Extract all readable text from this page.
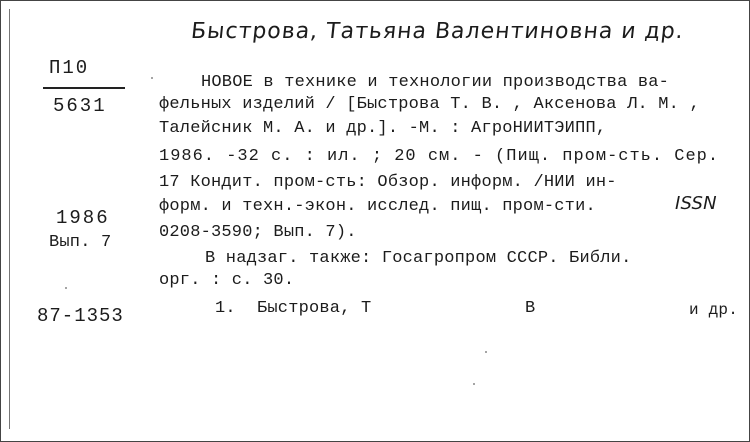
Быстрова, Татьяна Валентиновна и др.
П10
5631
1986
Вып. 7
87-1353
НОВОЕ в технике и технологии производства ва-
фельных изделий / [Быстрова Т. В. , Аксенова Л. М. ,
Талейсник М. А. и др.]. -М. : АгроНИИТЭИПП,
1986. -32 с. : ил. ; 20 см. - (Пищ. пром-сть. Сер.
17 Кондит. пром-сть: Обзор. информ. /НИИ ин-
форм. и техн.-экон. исслед. пищ. пром-сти.	ISSN
0208-3590; Вып. 7).
В надзаг. также: Госагропром СССР. Библи.
орг. : с. 30.
1. Быстрова, Т	В	и др.
